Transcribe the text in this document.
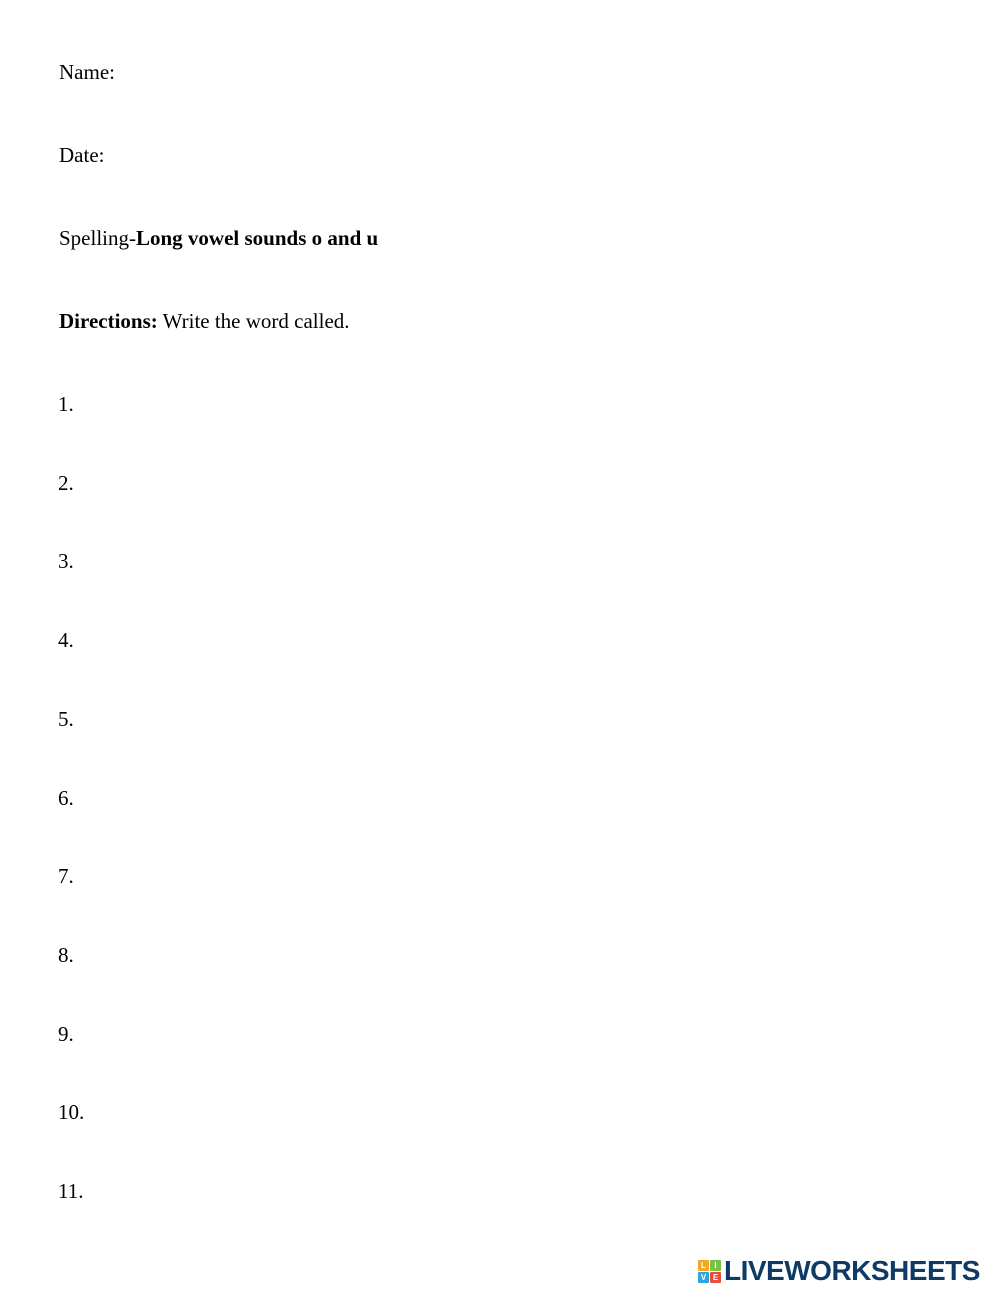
Name:
Date:
Spelling-Long vowel sounds o and u
Directions: Write the word called.
1.
2.
3.
4.
5.
6.
7.
8.
9.
10.
11.
L	I
V E LIVEWORKSHEETS
